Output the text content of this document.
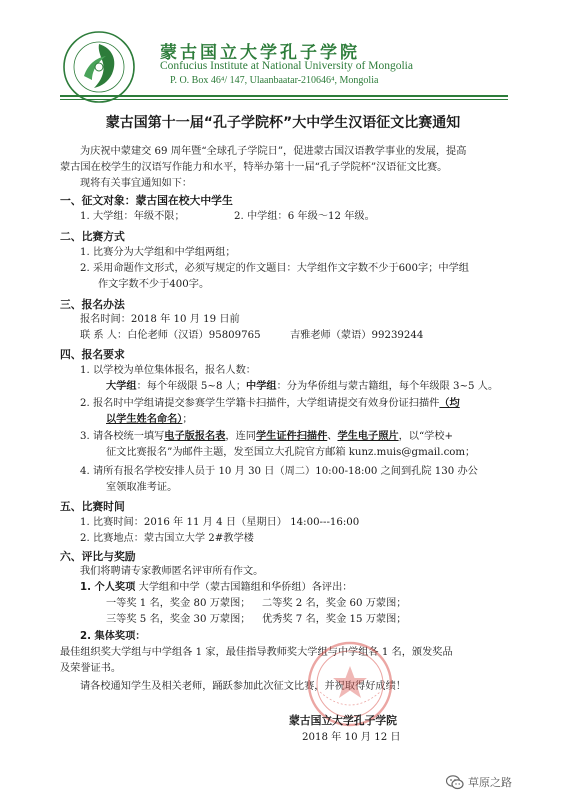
蒙古国立大学孔子学院
Confucius Institute at National University of Mongolia
P. O. Box 46⁴/ 147, Ulaanbaatar-210646⁴, Mongolia
蒙古国第十一届“孔子学院杯”大中学生汉语征文比赛通知
为庆祝中蒙建交 69 周年暨“全球孔子学院日”，促进蒙古国汉语教学事业的发展，提高
蒙古国在校学生的汉语写作能力和水平，特举办第十一届“孔子学院杯”汉语征文比赛。
现将有关事宜通知如下：
一、征文对象：蒙古国在校大中学生
1. 大学组：年级不限；	2. 中学组：6 年级～12 年级。
二、比赛方式
1. 比赛分为大学组和中学组两组；
2. 采用命题作文形式，必须写规定的作文题目：大学组作文字数不少于600字；中学组
作文字数不少于400字。
三、报名办法
报名时间：2018 年 10 月 19 日前
联 系 人：白伦老师（汉语）95809765	吉雅老师（蒙语）99239244
四、报名要求
1. 以学校为单位集体报名，报名人数：
大学组：每个年级限 5~8 人；中学组：分为华侨组与蒙古籍组，每个年级限 3~5 人。
2. 报名时中学组请提交参赛学生学籍卡扫描件，大学组请提交有效身份证扫描件（均
以学生姓名命名）；
3. 请各校统一填写电子版报名表，连同学生证件扫描件、学生电子照片，以“学校+
征文比赛报名”为邮件主题，发至国立大孔院官方邮箱 kunz.muis@gmail.com；
4. 请所有报名学校安排人员于 10 月 30 日（周二）10:00-18:00 之间到孔院 130 办公
室领取准考证。
五、比赛时间
1. 比赛时间：2016 年 11 月 4 日（星期日） 14:00---16:00
2. 比赛地点：蒙古国立大学 2#教学楼
六、评比与奖励
我们将聘请专家教师匿名评审所有作文。
1. 个人奖项 大学组和中学（蒙古国籍组和华侨组）各评出：
一等奖 1 名，奖金 80 万蒙图； 二等奖 2 名，奖金 60 万蒙图；
三等奖 5 名，奖金 30 万蒙图； 优秀奖 7 名，奖金 15 万蒙图；
2. 集体奖项：
最佳组织奖大学组与中学组各 1 家，最佳指导教师奖大学组与中学组各 1 名，颁发奖品
及荣誉证书。
请各校通知学生及相关老师，踊跃参加此次征文比赛，并祝取得好成绩！
蒙古国立大学孔子学院
2018 年 10 月 12 日
草原之路
